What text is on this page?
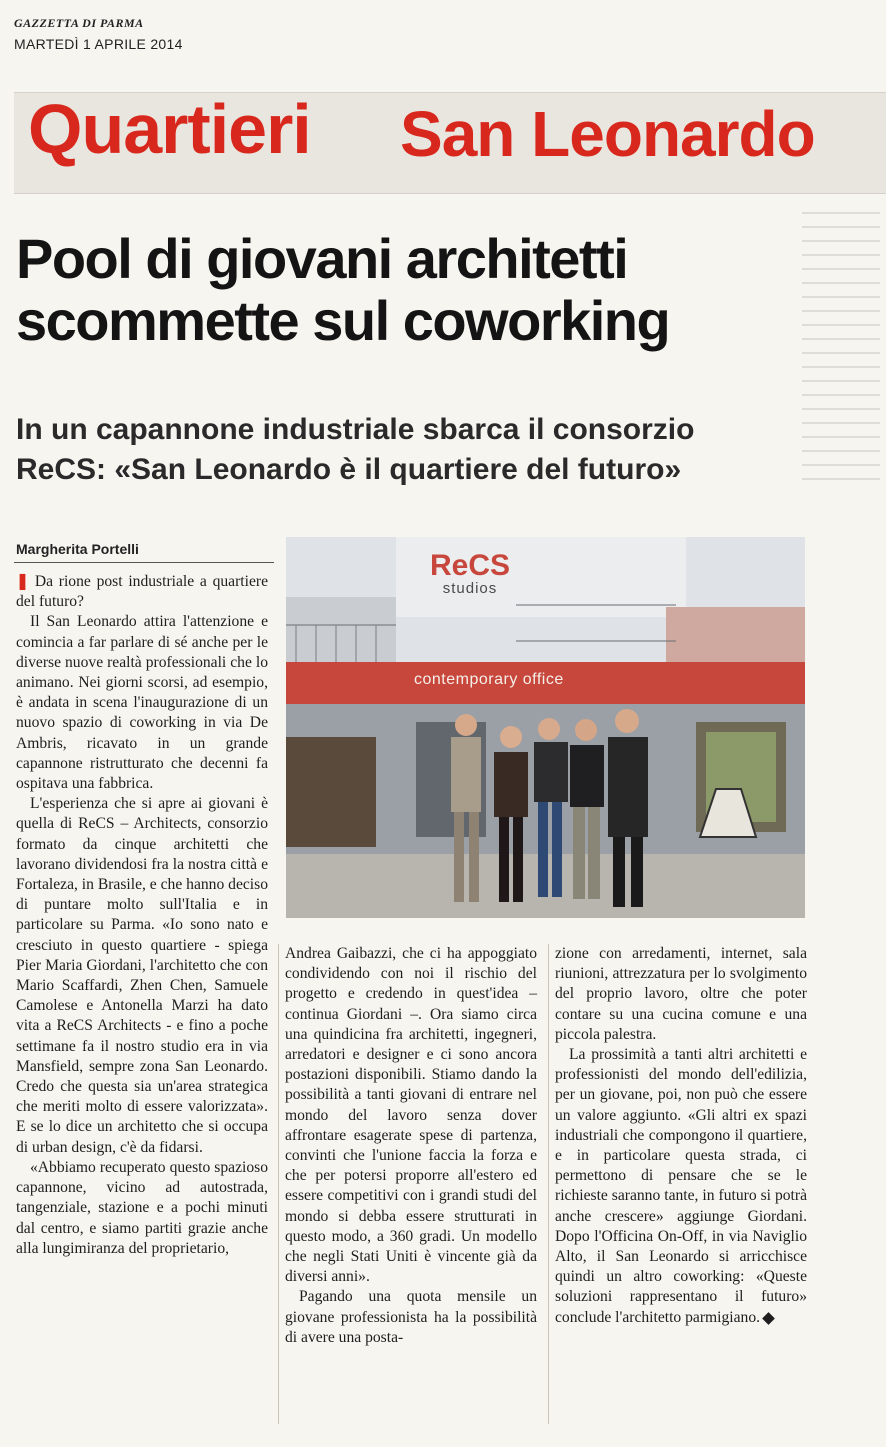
GAZZETTA DI PARMA
MARTEDÌ 1 APRILE 2014
Quartieri San Leonardo
Pool di giovani architetti
scommette sul coworking
In un capannone industriale sbarca il consorzio
ReCS: «San Leonardo è il quartiere del futuro»
Margherita Portelli

❚ Da rione post industriale a quartiere del futuro?

Il San Leonardo attira l'attenzione e comincia a far parlare di sé anche per le diverse nuove realtà professionali che lo animano. Nei giorni scorsi, ad esempio, è andata in scena l'inaugurazione di un nuovo spazio di coworking in via De Ambris, ricavato in un grande capannone ristrutturato che decenni fa ospitava una fabbrica.

L'esperienza che si apre ai giovani è quella di ReCS – Architects, consorzio formato da cinque architetti che lavorano dividendosi fra la nostra città e Fortaleza, in Brasile, e che hanno deciso di puntare molto sull'Italia e in particolare su Parma. «Io sono nato e cresciuto in questo quartiere - spiega Pier Maria Giordani, l'architetto che con Mario Scaffardi, Zhen Chen, Samuele Camolese e Antonella Marzi ha dato vita a ReCS Architects - e fino a poche settimane fa il nostro studio era in via Mansfield, sempre zona San Leonardo. Credo che questa sia un'area strategica che meriti molto di essere valorizzata». E se lo dice un architetto che si occupa di urban design, c'è da fidarsi.

«Abbiamo recuperato questo spazioso capannone, vicino ad autostrada, tangenziale, stazione e a pochi minuti dal centro, e siamo partiti grazie anche alla lungimiranza del proprietario,

ReCS
studios
contemporary office

Andrea Gaibazzi, che ci ha appoggiato condividendo con noi il rischio del progetto e credendo in quest'idea – continua Giordani –. Ora siamo circa una quindicina fra architetti, ingegneri, arredatori e designer e ci sono ancora postazioni disponibili. Stiamo dando la possibilità a tanti giovani di entrare nel mondo del lavoro senza dover affrontare esagerate spese di partenza, convinti che l'unione faccia la forza e che per potersi proporre all'estero ed essere competitivi con i grandi studi del mondo si debba essere strutturati in questo modo, a 360 gradi. Un modello che negli Stati Uniti è vincente già da diversi anni».

Pagando una quota mensile un giovane professionista ha la possibilità di avere una posta-

zione con arredamenti, internet, sala riunioni, attrezzatura per lo svolgimento del proprio lavoro, oltre che poter contare su una cucina comune e una piccola palestra.

La prossimità a tanti altri architetti e professionisti del mondo dell'edilizia, per un giovane, poi, non può che essere un valore aggiunto. «Gli altri ex spazi industriali che compongono il quartiere, e in particolare questa strada, ci permettono di pensare che se le richieste saranno tante, in futuro si potrà anche crescere» aggiunge Giordani. Dopo l'Officina On-Off, in via Naviglio Alto, il San Leonardo si arricchisce quindi un altro coworking: «Queste soluzioni rappresentano il futuro» conclude l'architetto parmigiano.
